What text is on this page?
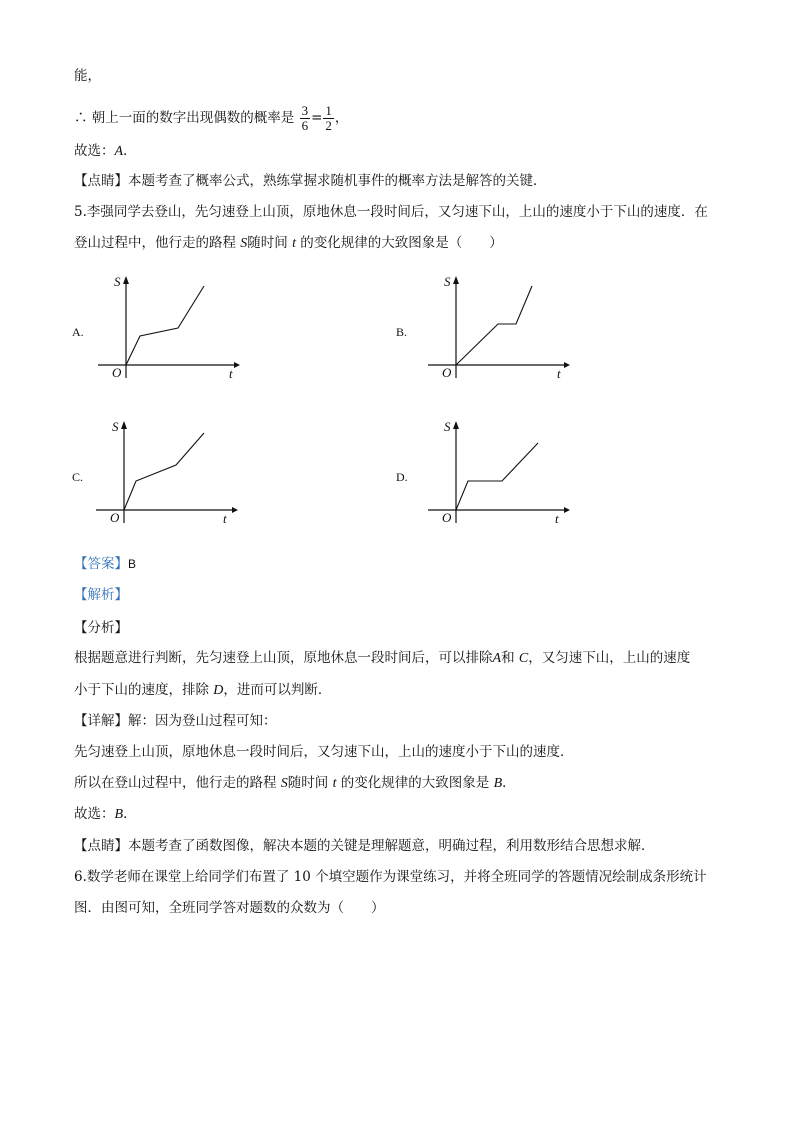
能，
∴ 朝上一面的数字出现偶数的概率是 $\frac{3}{6} = \frac{1}{2}$ ，
故选：A．
【点睛】本题考查了概率公式，熟练掌握求随机事件的概率方法是解答的关键．
5.李强同学去登山，先匀速登上山顶，原地休息一段时间后，又匀速下山，上山的速度小于下山的速度．在
登山过程中，他行走的路程 S随时间 t 的变化规律的大致图象是（　　）
A.
S
t
O
B.
S
t
O
C.
S
t
O
D.
S
t
O
【答案】B
【解析】
【分析】
根据题意进行判断，先匀速登上山顶，原地休息一段时间后，可以排除A和 C，又匀速下山，上山的速度
小于下山的速度，排除 D，进而可以判断．
【详解】解：因为登山过程可知：
先匀速登上山顶，原地休息一段时间后，又匀速下山，上山的速度小于下山的速度．
所以在登山过程中，他行走的路程 S随时间 t 的变化规律的大致图象是 B．
故选：B．
【点睛】本题考查了函数图像，解决本题的关键是理解题意，明确过程，利用数形结合思想求解．
6.数学老师在课堂上给同学们布置了 10 个填空题作为课堂练习，并将全班同学的答题情况绘制成条形统计
图．由图可知，全班同学答对题数的众数为（　　）
